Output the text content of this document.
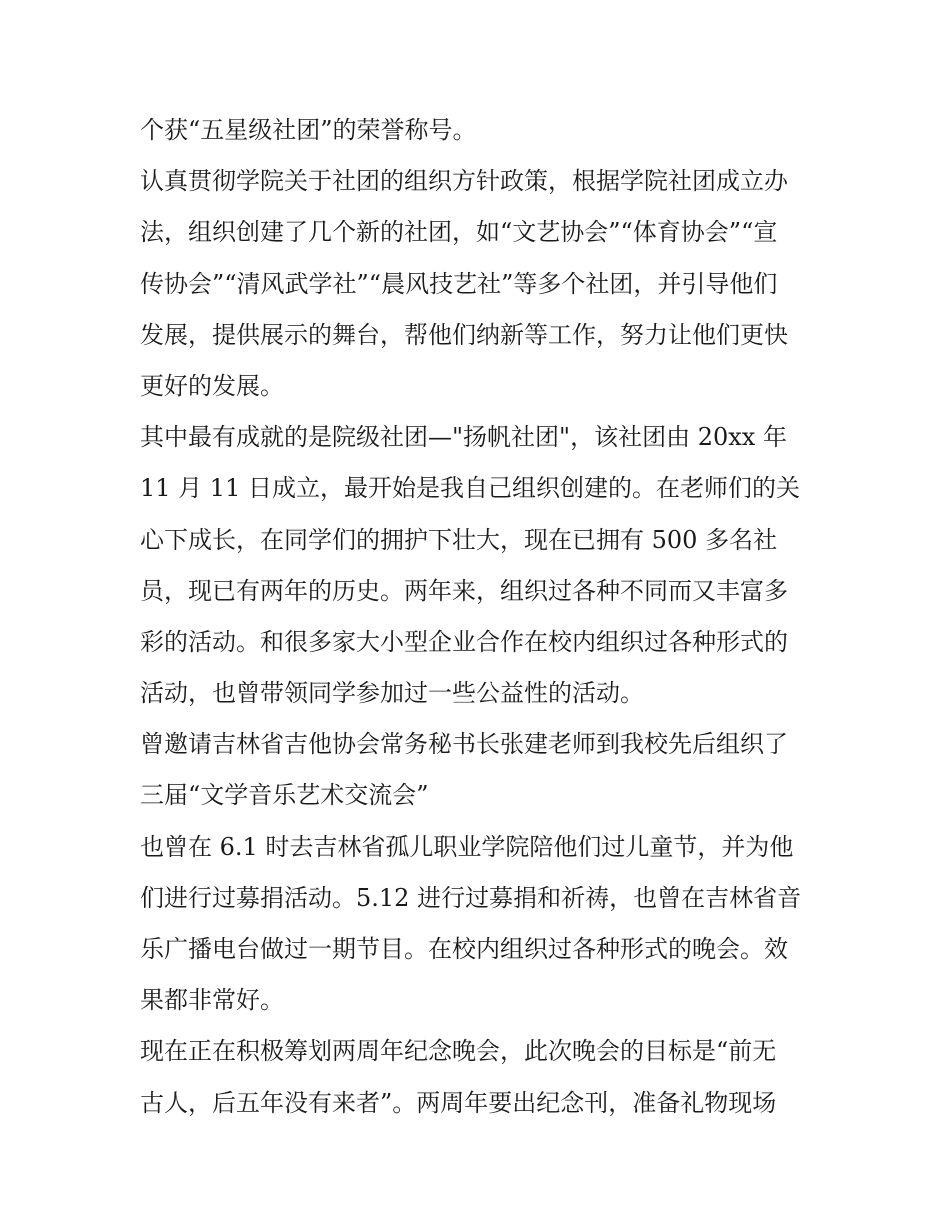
个获“五星级社团”的荣誉称号。
认真贯彻学院关于社团的组织方针政策，根据学院社团成立办
法，组织创建了几个新的社团，如“文艺协会”“体育协会”“宣
传协会”“清风武学社”“晨风技艺社”等多个社团，并引导他们
发展，提供展示的舞台，帮他们纳新等工作，努力让他们更快
更好的发展。
其中最有成就的是院级社团—"扬帆社团"，该社团由 20xx 年
11 月 11 日成立，最开始是我自己组织创建的。在老师们的关
心下成长，在同学们的拥护下壮大，现在已拥有 500 多名社
员，现已有两年的历史。两年来，组织过各种不同而又丰富多
彩的活动。和很多家大小型企业合作在校内组织过各种形式的
活动，也曾带领同学参加过一些公益性的活动。
曾邀请吉林省吉他协会常务秘书长张建老师到我校先后组织了
三届“文学音乐艺术交流会”
也曾在 6.1 时去吉林省孤儿职业学院陪他们过儿童节，并为他
们进行过募捐活动。5.12 进行过募捐和祈祷，也曾在吉林省音
乐广播电台做过一期节目。在校内组织过各种形式的晚会。效
果都非常好。
现在正在积极筹划两周年纪念晚会，此次晚会的目标是“前无
古人，后五年没有来者”。两周年要出纪念刊，准备礼物现场
